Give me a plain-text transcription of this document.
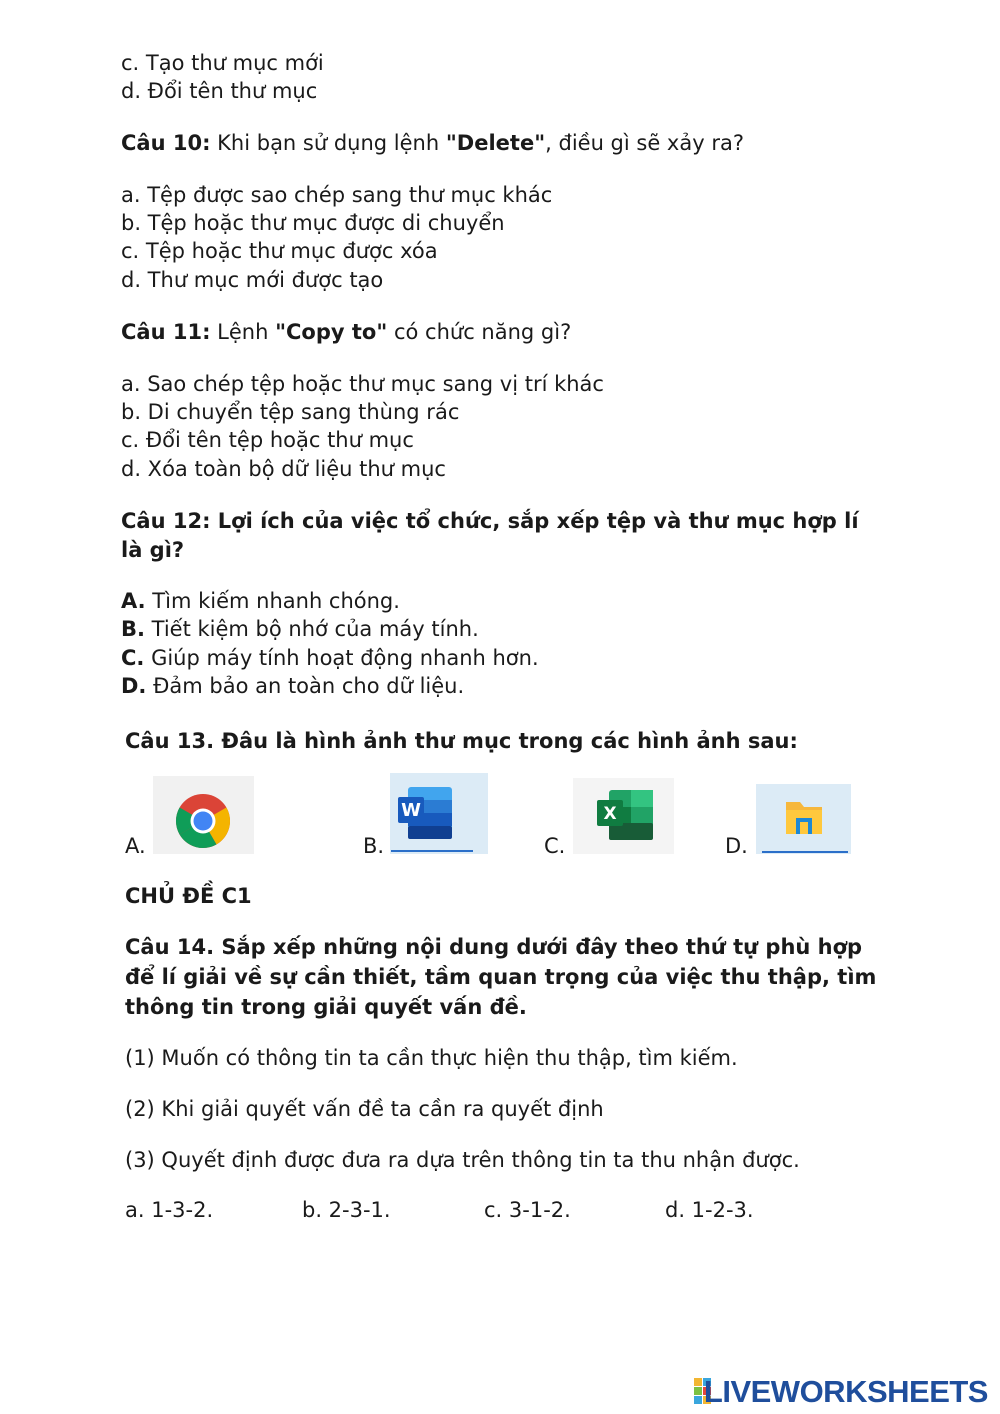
c. Tạo thư mục mới
d. Đổi tên thư mục
Câu 10: Khi bạn sử dụng lệnh "Delete", điều gì sẽ xảy ra?
a. Tệp được sao chép sang thư mục khác
b. Tệp hoặc thư mục được di chuyển
c. Tệp hoặc thư mục được xóa
d. Thư mục mới được tạo
Câu 11: Lệnh "Copy to" có chức năng gì?
a. Sao chép tệp hoặc thư mục sang vị trí khác
b. Di chuyển tệp sang thùng rác
c. Đổi tên tệp hoặc thư mục
d. Xóa toàn bộ dữ liệu thư mục
Câu 12: Lợi ích của việc tổ chức, sắp xếp tệp và thư mục hợp lí
là gì?
A. Tìm kiếm nhanh chóng.
B. Tiết kiệm bộ nhớ của máy tính.
C. Giúp máy tính hoạt động nhanh hơn.
D. Đảm bảo an toàn cho dữ liệu.
Câu 13. Đâu là hình ảnh thư mục trong các hình ảnh sau:
A.	B.
W
C.
X
D.
CHỦ ĐỀ C1
Câu 14. Sắp xếp những nội dung dưới đây theo thứ tự phù hợp
để lí giải về sự cần thiết, tầm quan trọng của việc thu thập, tìm
thông tin trong giải quyết vấn đề.
(1) Muốn có thông tin ta cần thực hiện thu thập, tìm kiếm.
(2) Khi giải quyết vấn đề ta cần ra quyết định
(3) Quyết định được đưa ra dựa trên thông tin ta thu nhận được.
a. 1-3-2.	b. 2-3-1.	c. 3-1-2.	d. 1-2-3.
LIVEWORKSHEETS
